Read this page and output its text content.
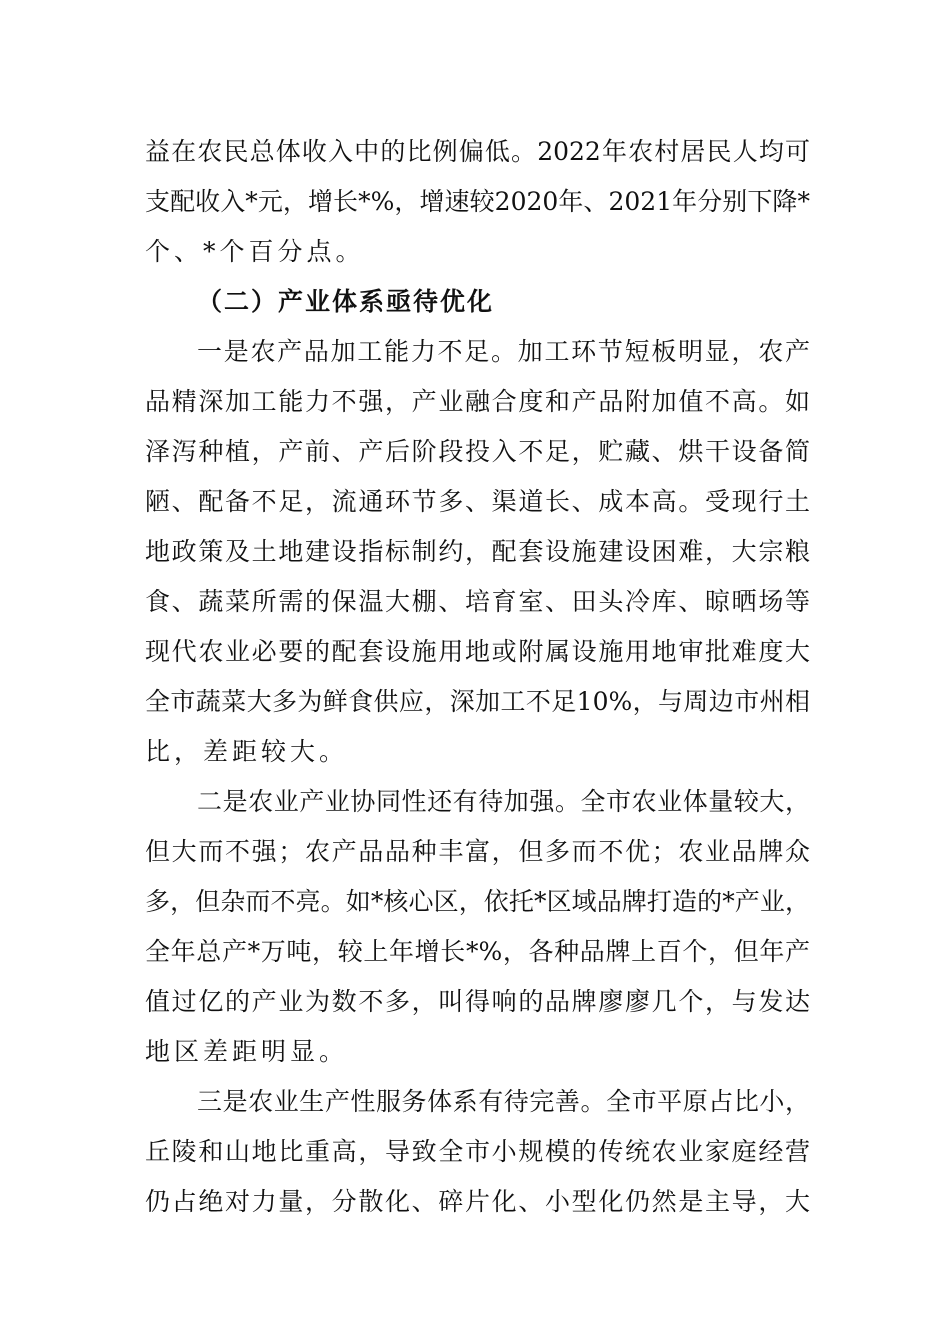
益在农民总体收入中的比例偏低。2022年农村居民人均可
支配收入*元，增长*%，增速较2020年、2021年分别下降*
个、*个百分点。
（二）产业体系亟待优化
一是农产品加工能力不足。加工环节短板明显，农产
品精深加工能力不强，产业融合度和产品附加值不高。如
泽泻种植，产前、产后阶段投入不足，贮藏、烘干设备简
陋、配备不足，流通环节多、渠道长、成本高。受现行土
地政策及土地建设指标制约，配套设施建设困难，大宗粮
食、蔬菜所需的保温大棚、培育室、田头冷库、晾晒场等
现代农业必要的配套设施用地或附属设施用地审批难度大
全市蔬菜大多为鲜食供应，深加工不足10%，与周边市州相
比，差距较大。
二是农业产业协同性还有待加强。全市农业体量较大，
但大而不强；农产品品种丰富，但多而不优；农业品牌众
多，但杂而不亮。如*核心区，依托*区域品牌打造的*产业，
全年总产*万吨，较上年增长*%，各种品牌上百个，但年产
值过亿的产业为数不多，叫得响的品牌廖廖几个，与发达
地区差距明显。
三是农业生产性服务体系有待完善。全市平原占比小，
丘陵和山地比重高，导致全市小规模的传统农业家庭经营
仍占绝对力量，分散化、碎片化、小型化仍然是主导，大
